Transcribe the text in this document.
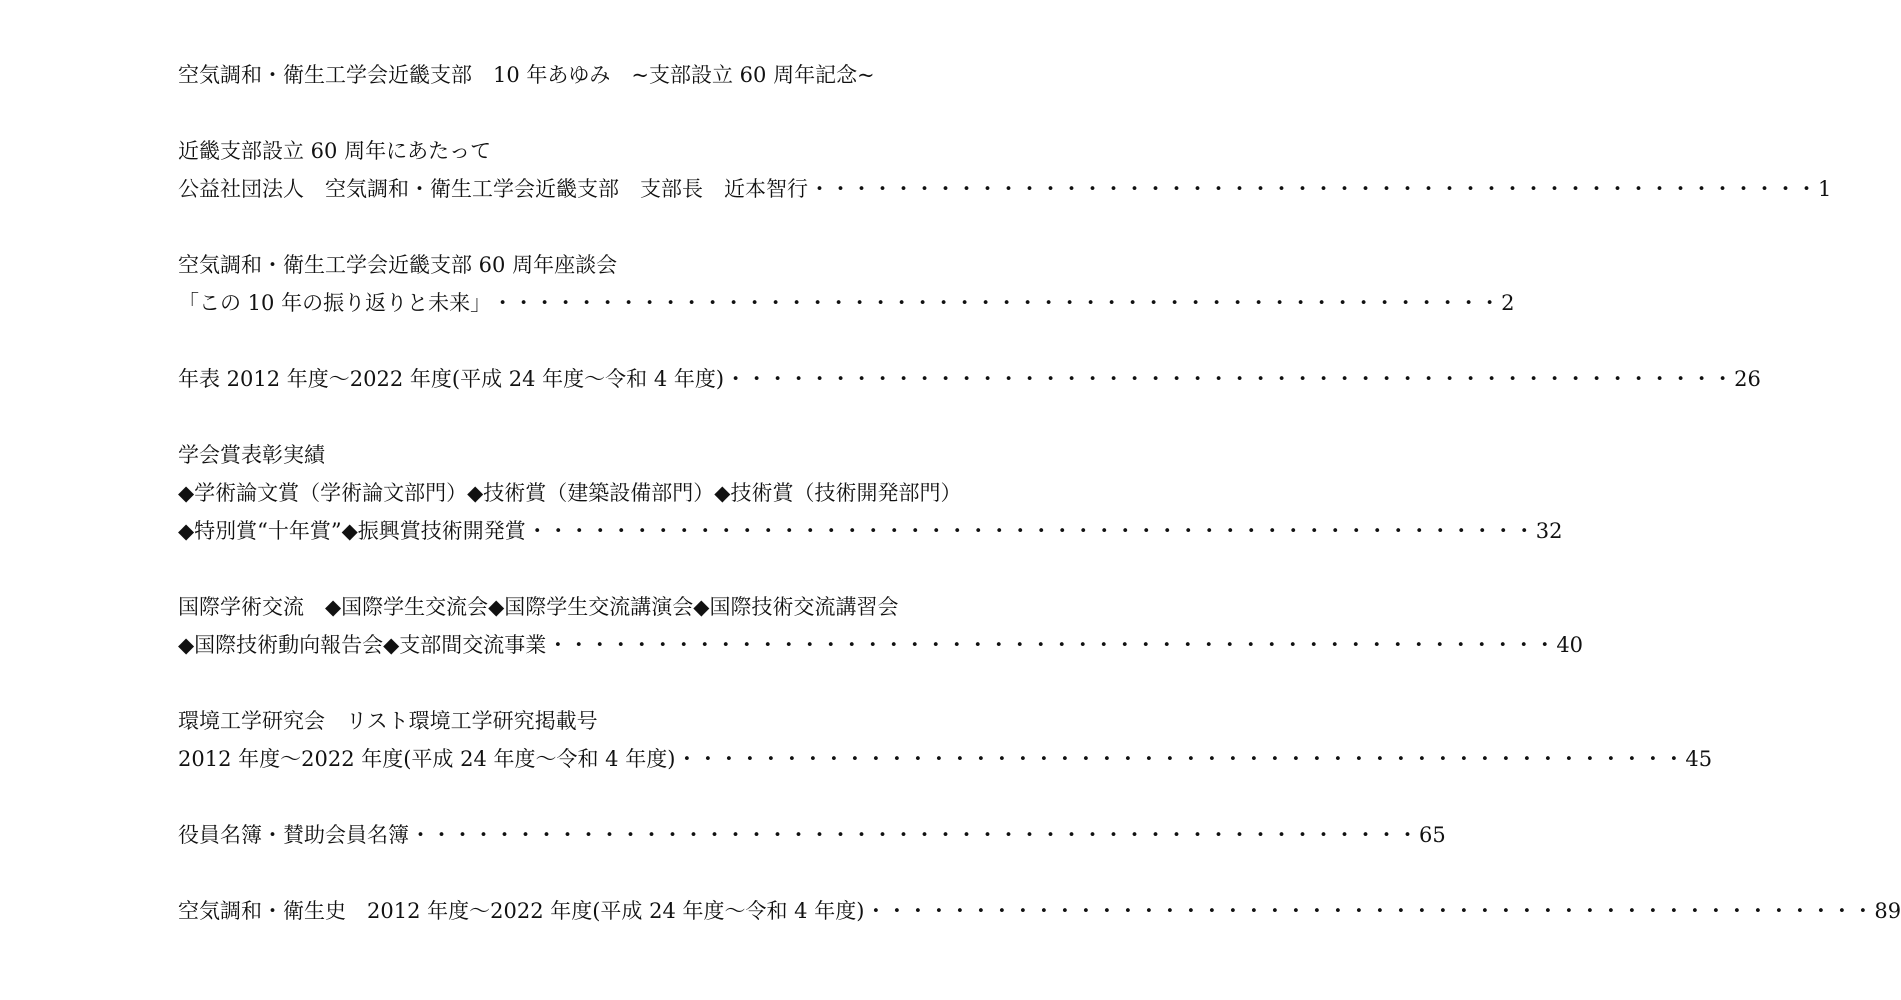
空気調和・衛生工学会近畿支部　10 年あゆみ　~支部設立 60 周年記念~
近畿支部設立 60 周年にあたって
公益社団法人　空気調和・衛生工学会近畿支部　支部長　近本智行 ・・・・・・・・・・・・・・・・・・・・・・・・・・・・・・・・・・・・・・・・・・・・・・・・ 1
空気調和・衛生工学会近畿支部 60 周年座談会
「この 10 年の振り返りと未来」 ・・・・・・・・・・・・・・・・・・・・・・・・・・・・・・・・・・・・・・・・・・・・・・・・ 2
年表 2012 年度～2022 年度(平成 24 年度～令和 4 年度) ・・・・・・・・・・・・・・・・・・・・・・・・・・・・・・・・・・・・・・・・・・・・・・・・ 26
学会賞表彰実績
◆学術論文賞（学術論文部門）◆技術賞（建築設備部門）◆技術賞（技術開発部門）
◆特別賞“十年賞”◆振興賞技術開発賞 ・・・・・・・・・・・・・・・・・・・・・・・・・・・・・・・・・・・・・・・・・・・・・・・・ 32
国際学術交流　◆国際学生交流会◆国際学生交流講演会◆国際技術交流講習会
◆国際技術動向報告会◆支部間交流事業 ・・・・・・・・・・・・・・・・・・・・・・・・・・・・・・・・・・・・・・・・・・・・・・・・ 40
環境工学研究会　リスト環境工学研究掲載号
2012 年度～2022 年度(平成 24 年度～令和 4 年度) ・・・・・・・・・・・・・・・・・・・・・・・・・・・・・・・・・・・・・・・・・・・・・・・・ 45
役員名簿・賛助会員名簿 ・・・・・・・・・・・・・・・・・・・・・・・・・・・・・・・・・・・・・・・・・・・・・・・・ 65
空気調和・衛生史　2012 年度～2022 年度(平成 24 年度～令和 4 年度) ・・・・・・・・・・・・・・・・・・・・・・・・・・・・・・・・・・・・・・・・・・・・・・・・ 89
